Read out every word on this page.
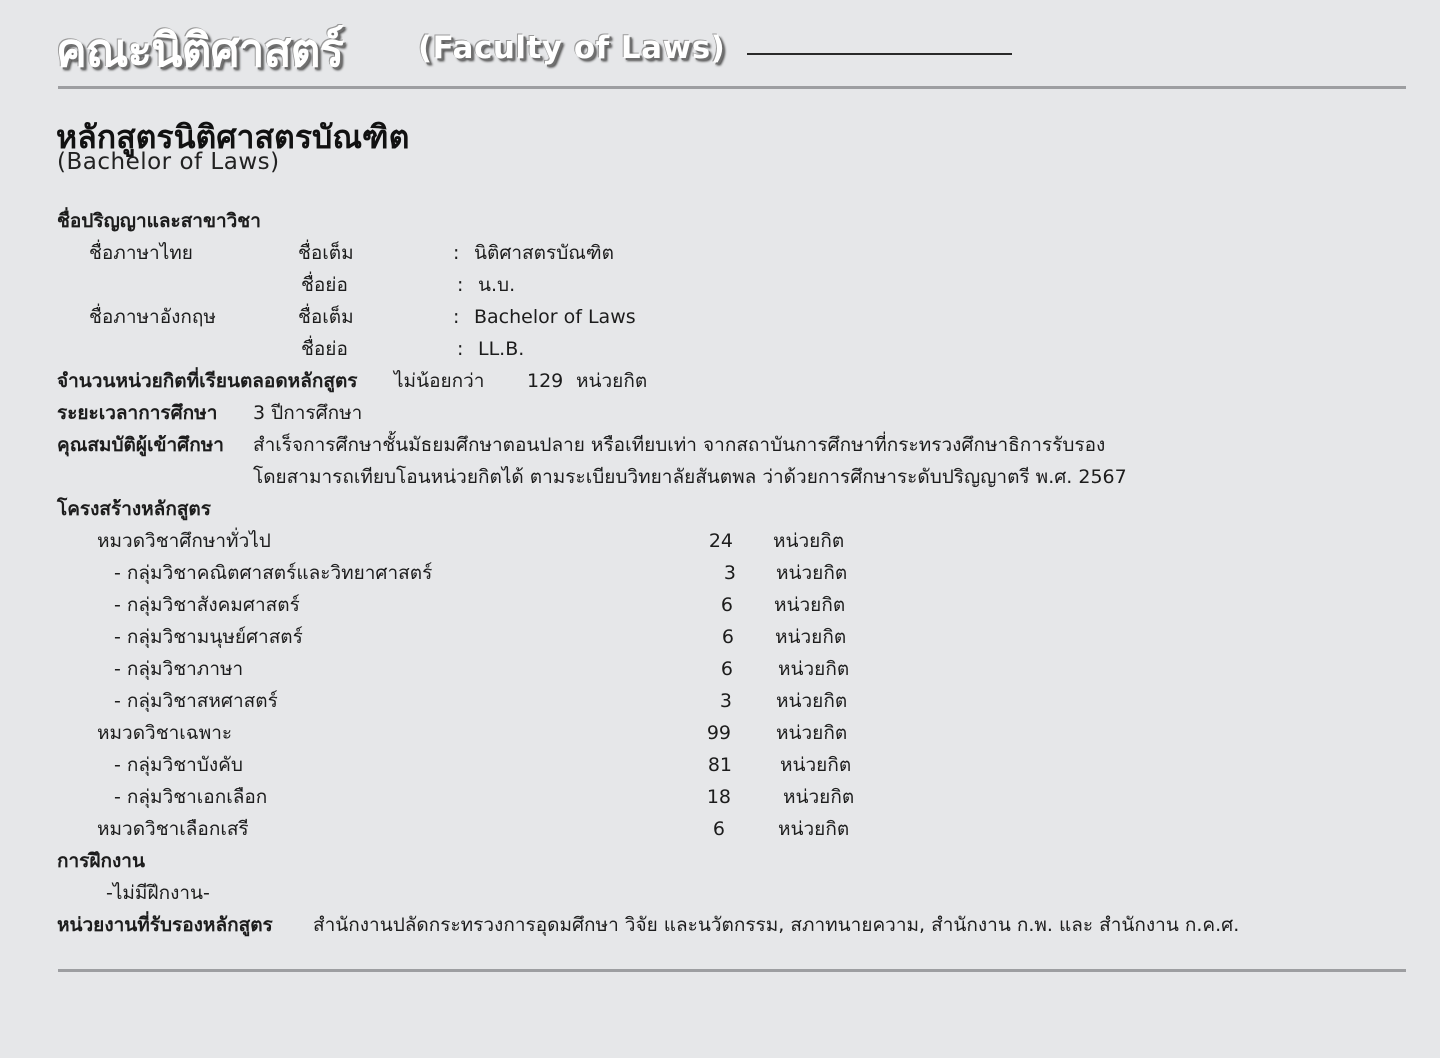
คณะนิติศาสตร์ (Faculty of Laws)
หลักสูตรนิติศาสตรบัณฑิต
(Bachelor of Laws)
ชื่อปริญญาและสาขาวิชา
ชื่อภาษาไทย	ชื่อเต็ม	: นิติศาสตรบัณฑิต
ชื่อย่อ	: น.บ.
ชื่อภาษาอังกฤษ	ชื่อเต็ม	: Bachelor of Laws
ชื่อย่อ	: LL.B.
จำนวนหน่วยกิตที่เรียนตลอดหลักสูตร ไม่น้อยกว่า 129 หน่วยกิต
ระยะเวลาการศึกษา 3 ปีการศึกษา
คุณสมบัติผู้เข้าศึกษา สำเร็จการศึกษาชั้นมัธยมศึกษาตอนปลาย หรือเทียบเท่า จากสถาบันการศึกษาที่กระทรวงศึกษาธิการรับรอง
โดยสามารถเทียบโอนหน่วยกิตได้ ตามระเบียบวิทยาลัยสันตพล ว่าด้วยการศึกษาระดับปริญญาตรี พ.ศ. 2567
โครงสร้างหลักสูตร
หมวดวิชาศึกษาทั่วไป	24 หน่วยกิต
- กลุ่มวิชาคณิตศาสตร์และวิทยาศาสตร์	3 หน่วยกิต
- กลุ่มวิชาสังคมศาสตร์	6 หน่วยกิต
- กลุ่มวิชามนุษย์ศาสตร์	6 หน่วยกิต
- กลุ่มวิชาภาษา	6 หน่วยกิต
- กลุ่มวิชาสหศาสตร์	3 หน่วยกิต
หมวดวิชาเฉพาะ	99 หน่วยกิต
- กลุ่มวิชาบังคับ	81	หน่วยกิต
- กลุ่มวิชาเอกเลือก	18	หน่วยกิต
หมวดวิชาเลือกเสรี	6	หน่วยกิต
การฝึกงาน
-ไม่มีฝึกงาน-
หน่วยงานที่รับรองหลักสูตร สำนักงานปลัดกระทรวงการอุดมศึกษา วิจัย และนวัตกรรม, สภาทนายความ, สำนักงาน ก.พ. และ สำนักงาน ก.ค.ศ.
